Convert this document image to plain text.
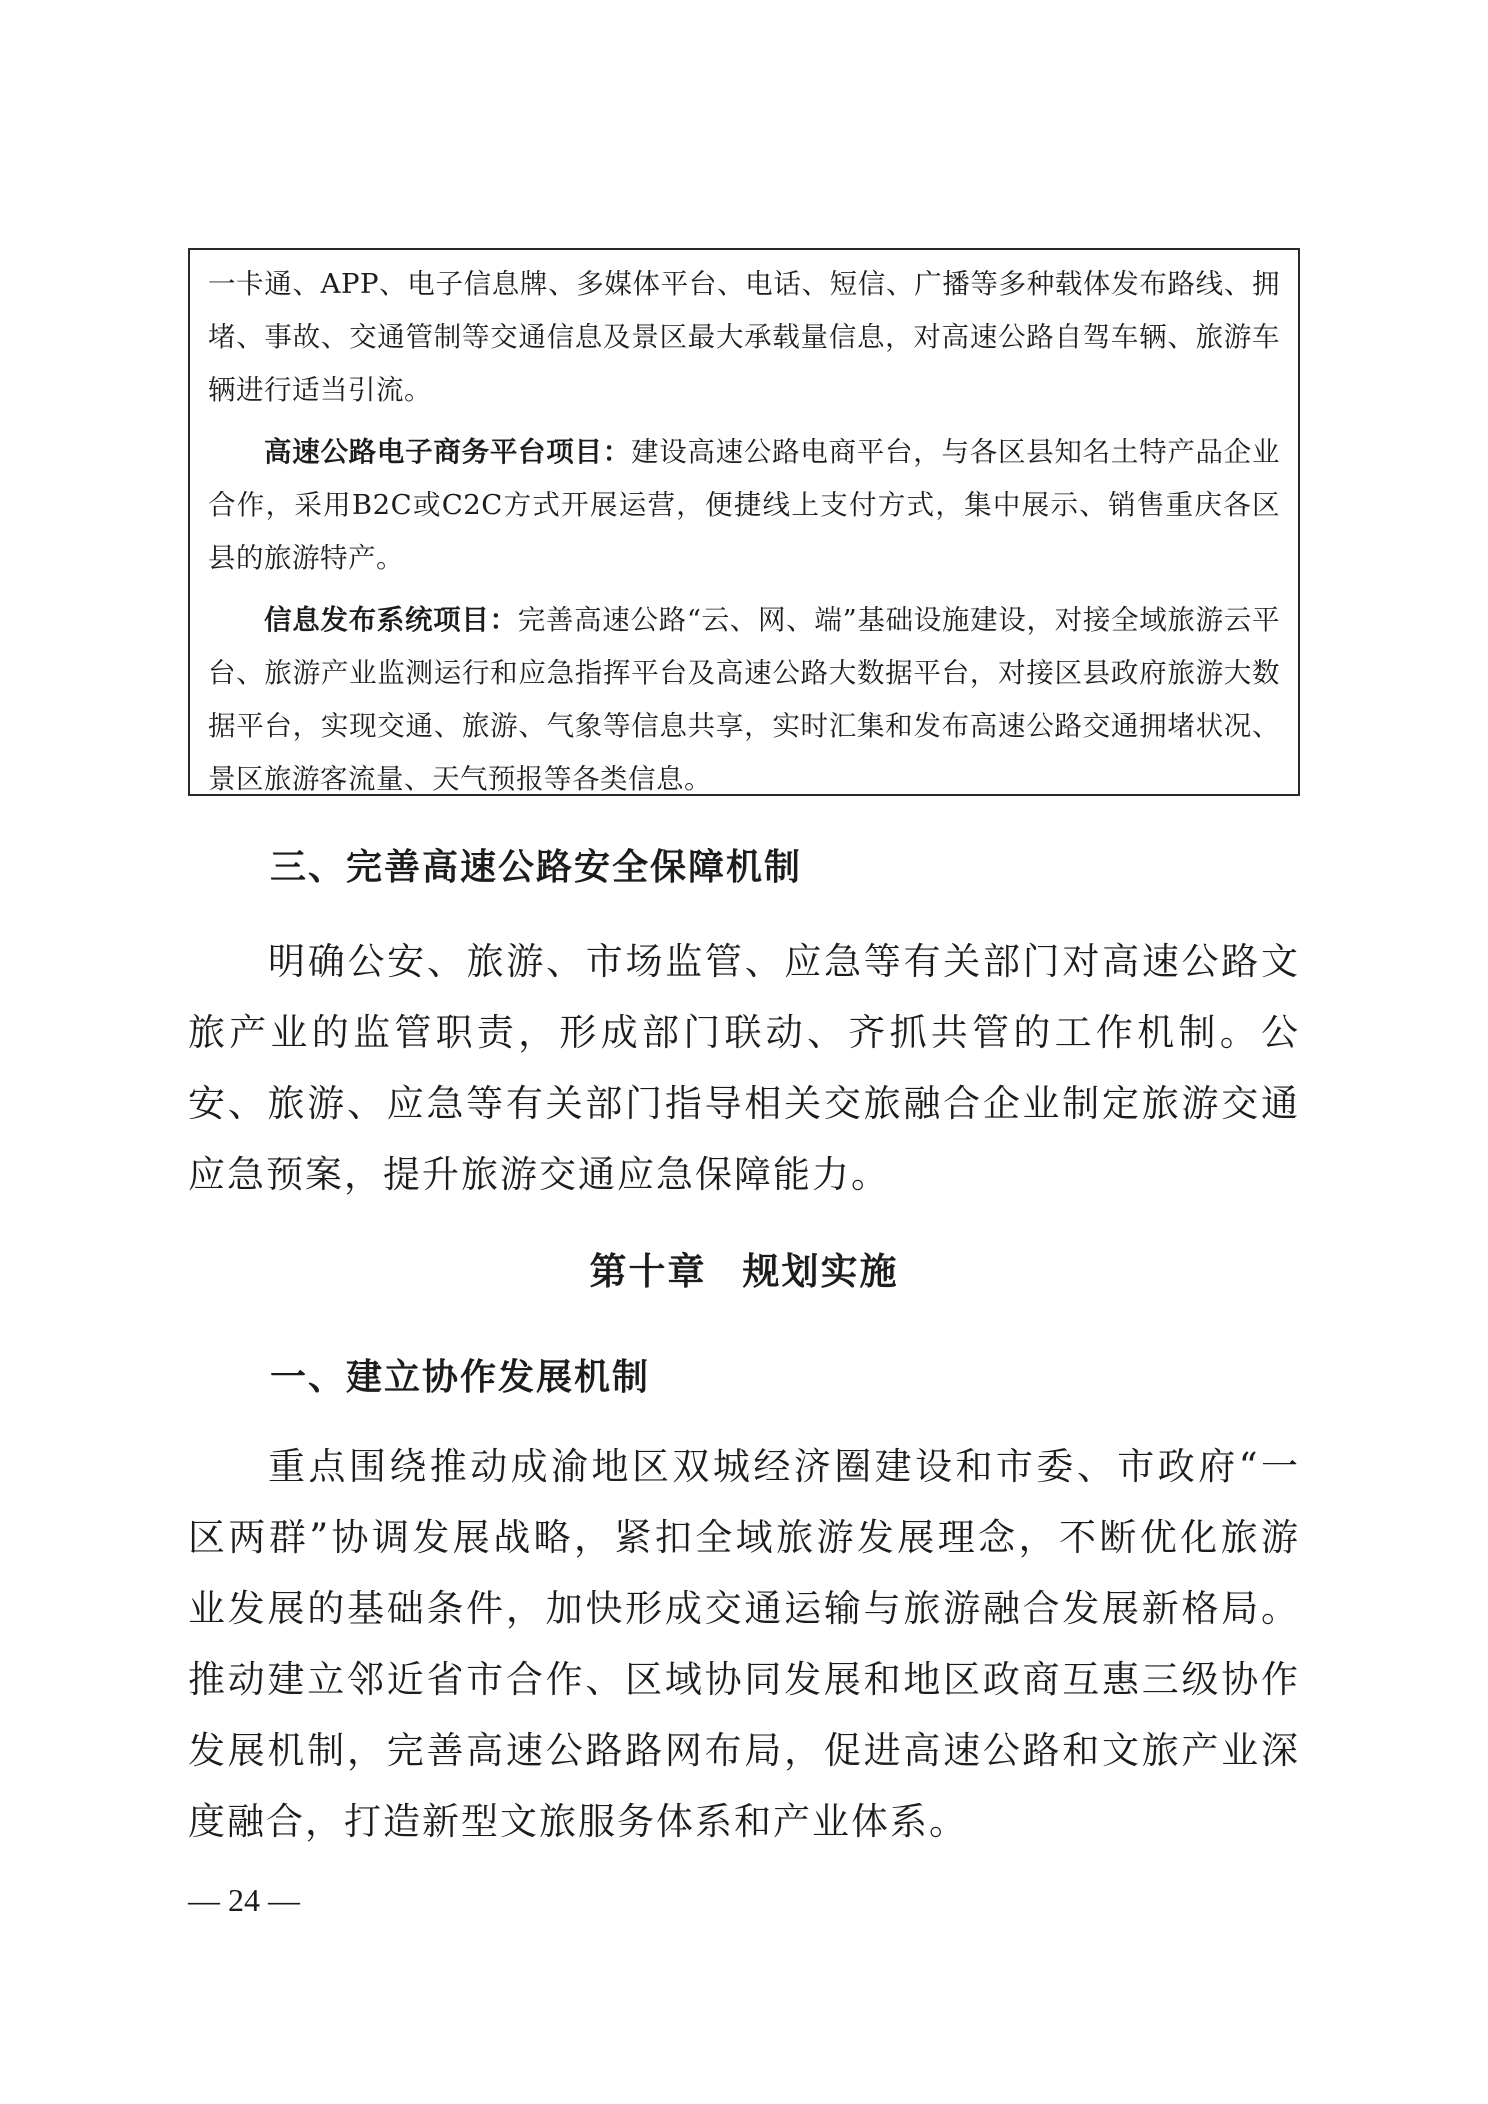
一卡通、APP、电子信息牌、多媒体平台、电话、短信、广播等多种载体发布路线、拥堵、事故、交通管制等交通信息及景区最大承载量信息，对高速公路自驾车辆、旅游车辆进行适当引流。

高速公路电子商务平台项目：建设高速公路电商平台，与各区县知名土特产品企业合作，采用B2C或C2C方式开展运营，便捷线上支付方式，集中展示、销售重庆各区县的旅游特产。

信息发布系统项目：完善高速公路“云、网、端”基础设施建设，对接全域旅游云平台、旅游产业监测运行和应急指挥平台及高速公路大数据平台，对接区县政府旅游大数据平台，实现交通、旅游、气象等信息共享，实时汇集和发布高速公路交通拥堵状况、景区旅游客流量、天气预报等各类信息。

三、完善高速公路安全保障机制

明确公安、旅游、市场监管、应急等有关部门对高速公路文旅产业的监管职责，形成部门联动、齐抓共管的工作机制。公安、旅游、应急等有关部门指导相关交旅融合企业制定旅游交通应急预案，提升旅游交通应急保障能力。

第十章 规划实施
一、建立协作发展机制

重点围绕推动成渝地区双城经济圈建设和市委、市政府“一区两群”协调发展战略，紧扣全域旅游发展理念，不断优化旅游业发展的基础条件，加快形成交通运输与旅游融合发展新格局。推动建立邻近省市合作、区域协同发展和地区政商互惠三级协作发展机制，完善高速公路路网布局，促进高速公路和文旅产业深度融合，打造新型文旅服务体系和产业体系。

— 24 —
